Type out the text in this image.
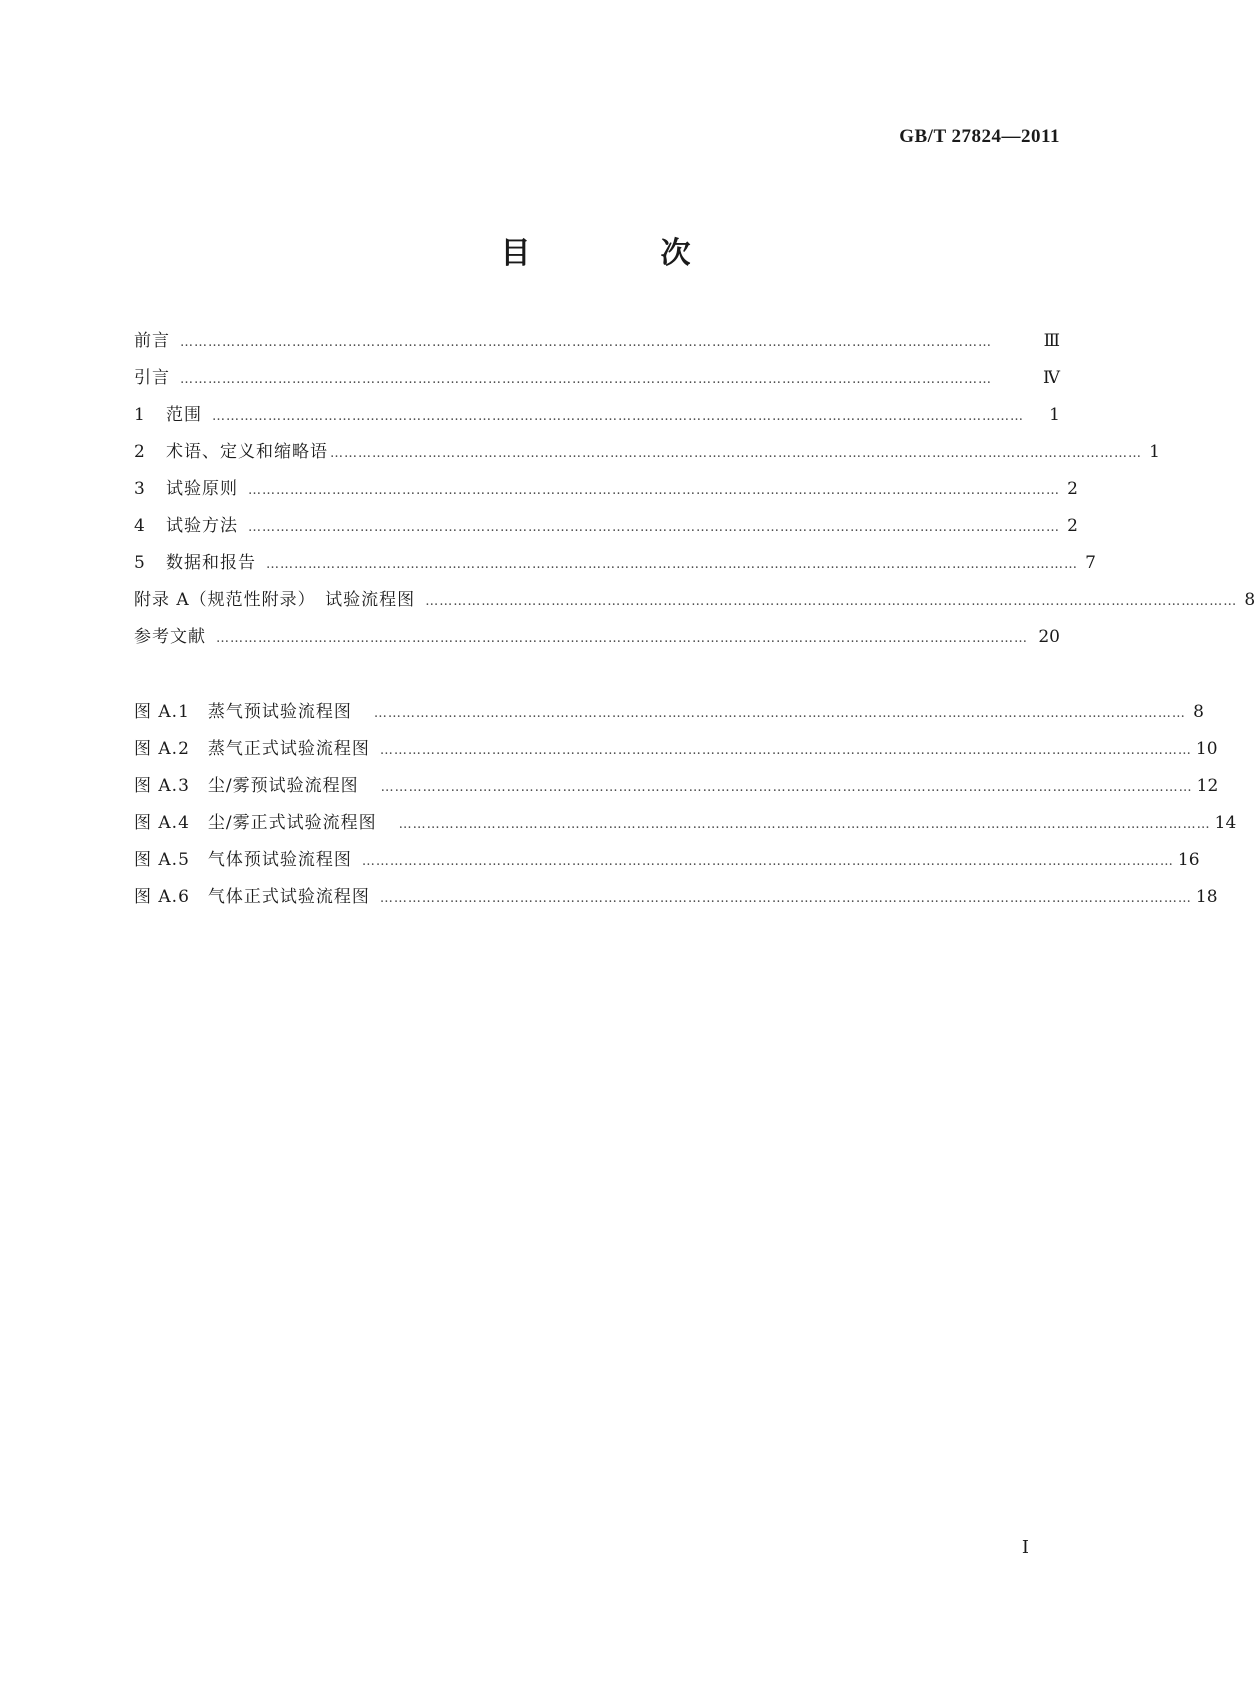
GB/T 27824—2011
目　次
前言 …………………………………………………………………………………………………………………………………………………………	Ⅲ
引言 …………………………………………………………………………………………………………………………………………………………	Ⅳ
1	范围 …………………………………………………………………………………………………………………………………………………………	1
2	术语、定义和缩略语 ………………………………………………………………………………………………………………………………………………………… 1
3	试验原则 ………………………………………………………………………………………………………………………………………………………… 2
4	试验方法 ………………………………………………………………………………………………………………………………………………………… 2
5	数据和报告 ………………………………………………………………………………………………………………………………………………………… 7
附录 A（规范性附录）　试验流程图 ………………………………………………………………………………………………………………………………………………………… 8
参考文献 ………………………………………………………………………………………………………………………………………………………… 20
图 A.1　蒸气预试验流程图 ………………………………………………………………………………………………………………………………………………………… 8
图 A.2　蒸气正式试验流程图 ………………………………………………………………………………………………………………………………………………………… 10
图 A.3　尘/雾预试验流程图 ………………………………………………………………………………………………………………………………………………………… 12
图 A.4　尘/雾正式试验流程图 ………………………………………………………………………………………………………………………………………………………… 14
图 A.5　气体预试验流程图 ………………………………………………………………………………………………………………………………………………………… 16
图 A.6　气体正式试验流程图 ………………………………………………………………………………………………………………………………………………………… 18
I
